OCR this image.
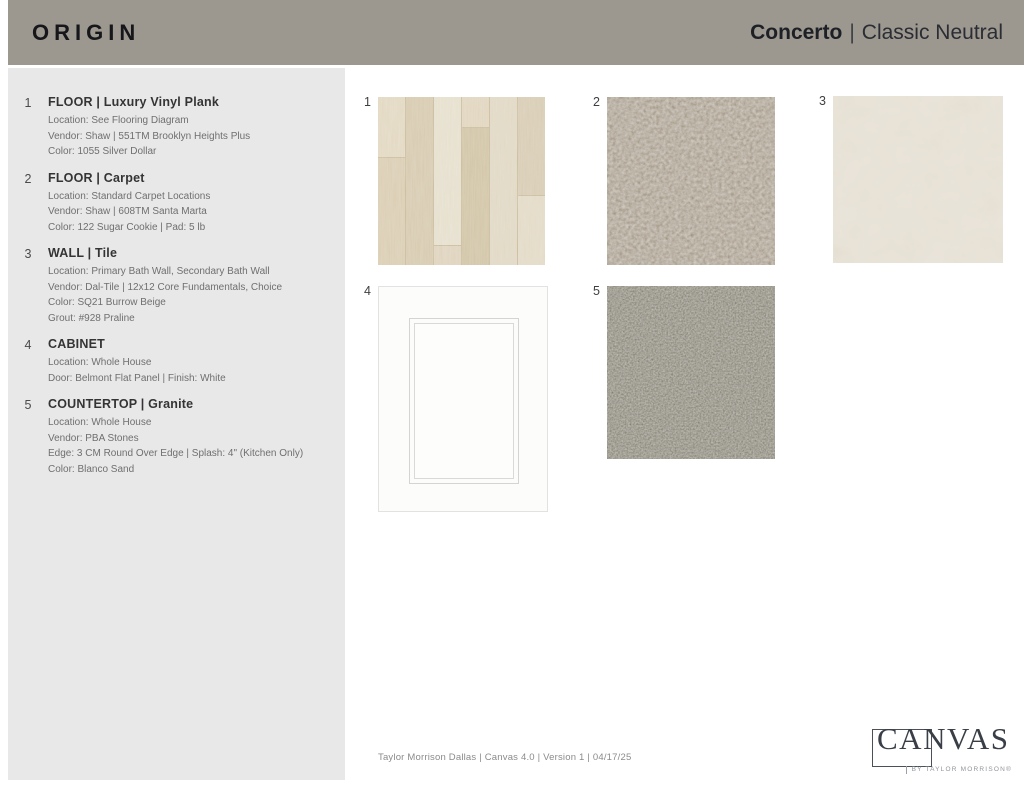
ORIGIN	Concerto | Classic Neutral
1	FLOOR | Luxury Vinyl Plank
Location: See Flooring Diagram
Vendor: Shaw | 551TM Brooklyn Heights Plus
Color: 1055 Silver Dollar
2	FLOOR | Carpet
Location: Standard Carpet Locations
Vendor: Shaw | 608TM Santa Marta
Color: 122 Sugar Cookie | Pad: 5 lb
3	WALL | Tile
Location: Primary Bath Wall, Secondary Bath Wall
Vendor: Dal-Tile | 12x12 Core Fundamentals, Choice
Color: SQ21 Burrow Beige
Grout: #928 Praline
4	CABINET
Location: Whole House
Door: Belmont Flat Panel | Finish: White
5	COUNTERTOP | Granite
Location: Whole House
Vendor: PBA Stones
Edge: 3 CM Round Over Edge | Splash: 4" (Kitchen Only)
Color: Blanco Sand
1	2	3
4	5
Taylor Morrison Dallas | Canvas 4.0 | Version 1 | 04/17/25
CANVAS
BY TAYLOR MORRISON®
